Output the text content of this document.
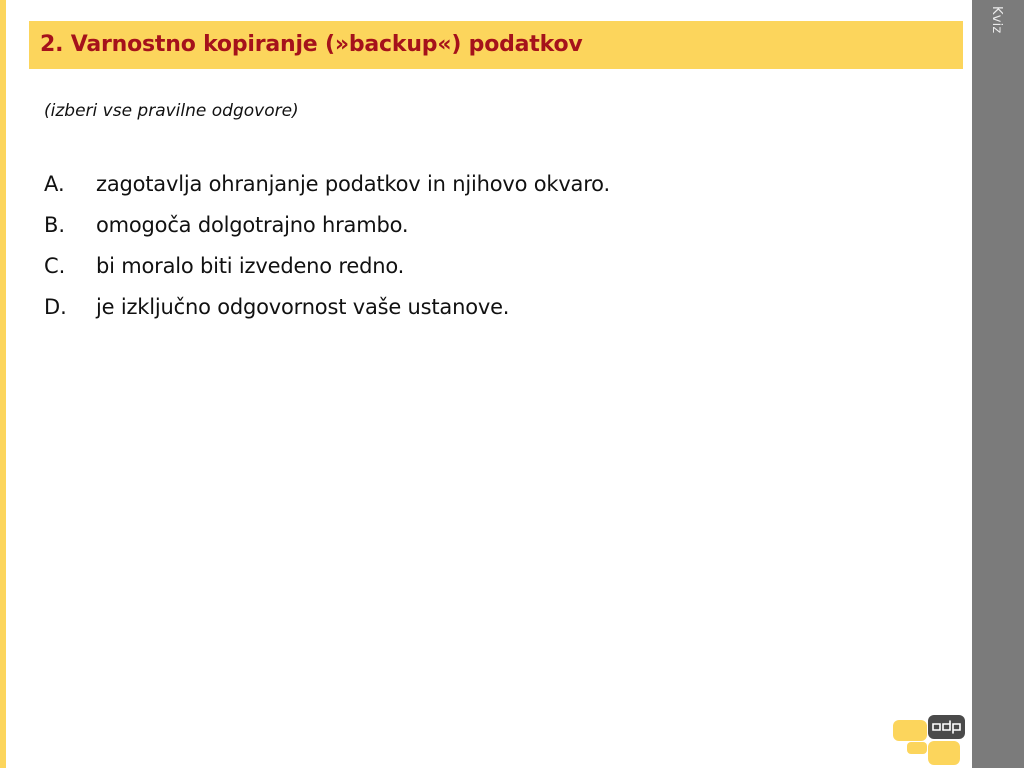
2. Varnostno kopiranje (»backup«) podatkov
(izberi vse pravilne odgovore)
A. zagotavlja ohranjanje podatkov in njihovo okvaro.
B. omogoča dolgotrajno hrambo.
C. bi moralo biti izvedeno redno.
D. je izključno odgovornost vaše ustanove.
Kviz
